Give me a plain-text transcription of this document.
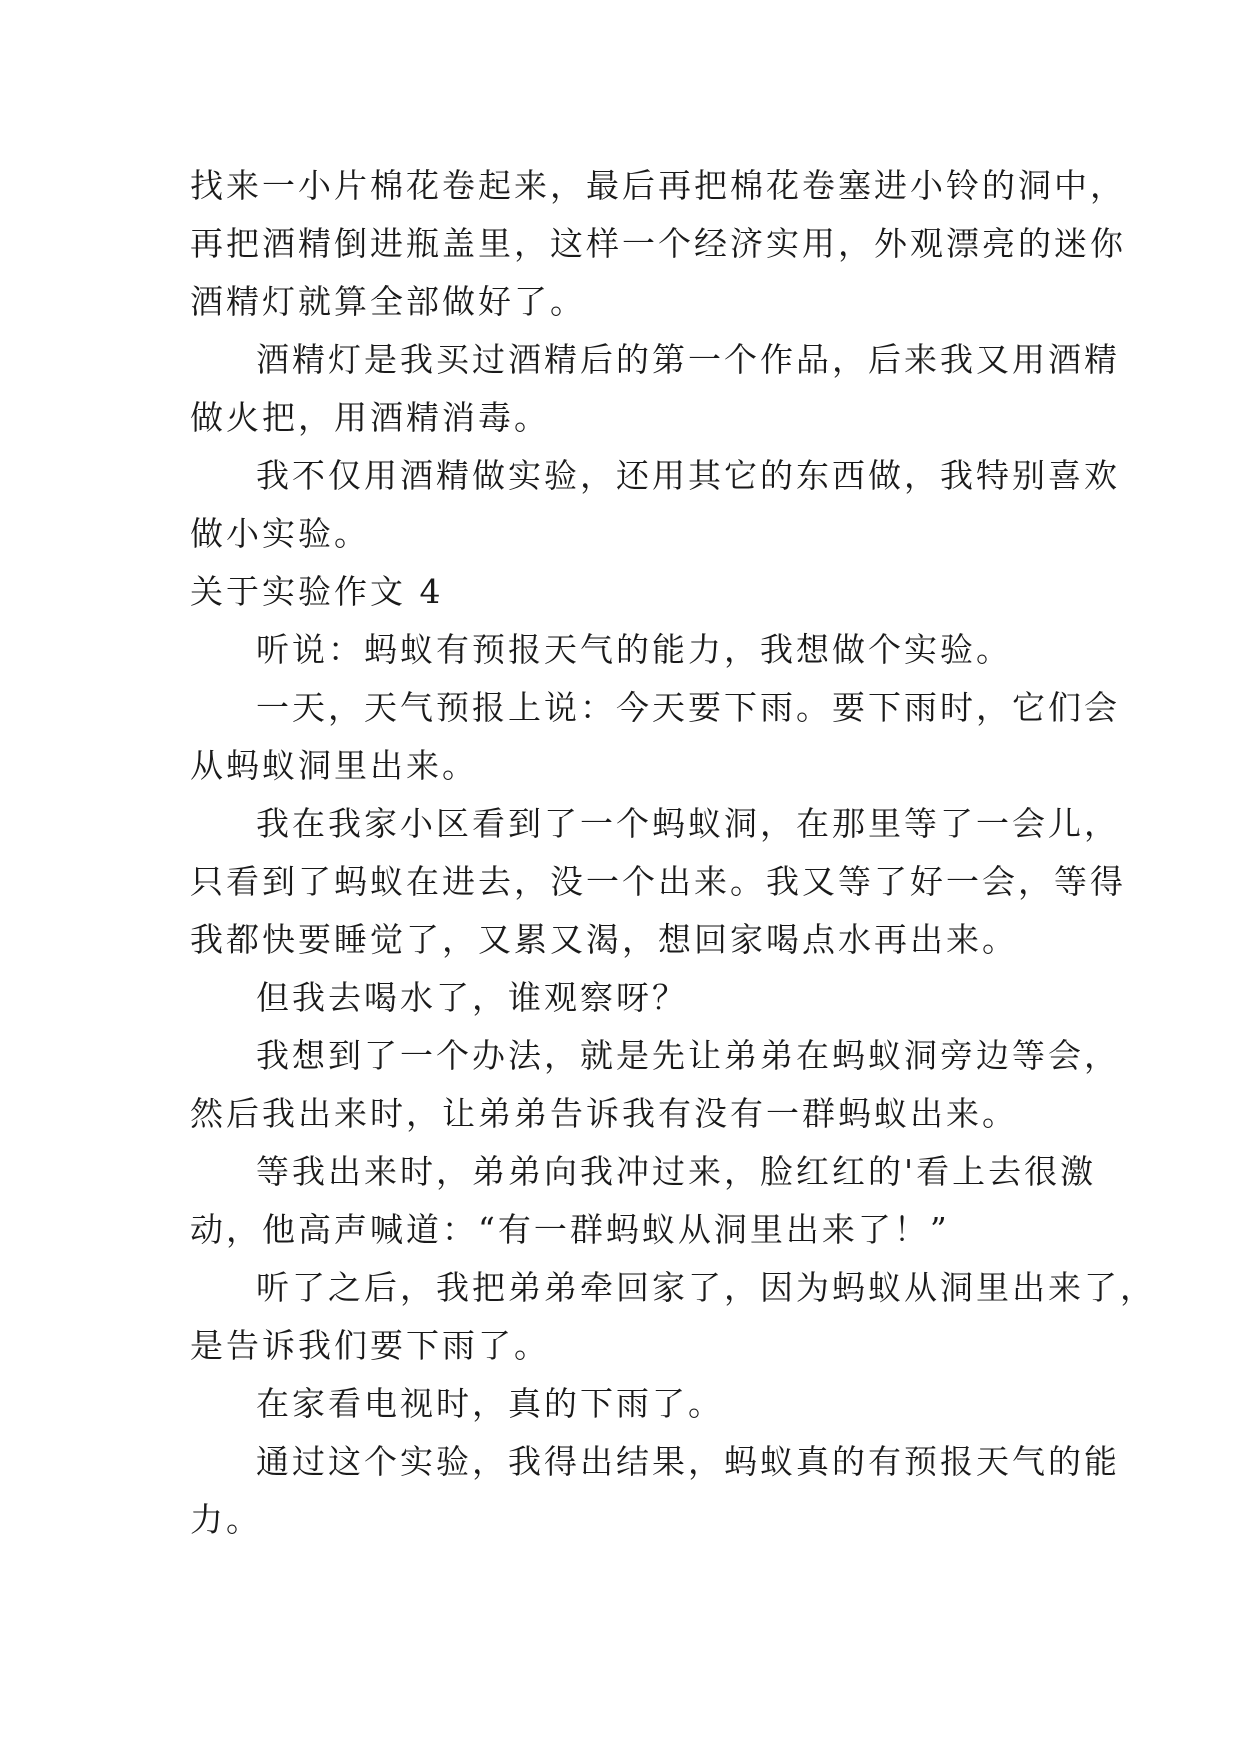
找来一小片棉花卷起来，最后再把棉花卷塞进小铃的洞中，
再把酒精倒进瓶盖里，这样一个经济实用，外观漂亮的迷你
酒精灯就算全部做好了。
酒精灯是我买过酒精后的第一个作品，后来我又用酒精
做火把，用酒精消毒。
我不仅用酒精做实验，还用其它的东西做，我特别喜欢
做小实验。
关于实验作文 4
听说：蚂蚁有预报天气的能力，我想做个实验。
一天，天气预报上说：今天要下雨。要下雨时，它们会
从蚂蚁洞里出来。
我在我家小区看到了一个蚂蚁洞，在那里等了一会儿，
只看到了蚂蚁在进去，没一个出来。我又等了好一会，等得
我都快要睡觉了，又累又渴，想回家喝点水再出来。
但我去喝水了，谁观察呀？
我想到了一个办法，就是先让弟弟在蚂蚁洞旁边等会，
然后我出来时，让弟弟告诉我有没有一群蚂蚁出来。
等我出来时，弟弟向我冲过来，脸红红的'看上去很激
动，他高声喊道：“有一群蚂蚁从洞里出来了！”
听了之后，我把弟弟牵回家了，因为蚂蚁从洞里出来了，
是告诉我们要下雨了。
在家看电视时，真的下雨了。
通过这个实验，我得出结果，蚂蚁真的有预报天气的能
力。
